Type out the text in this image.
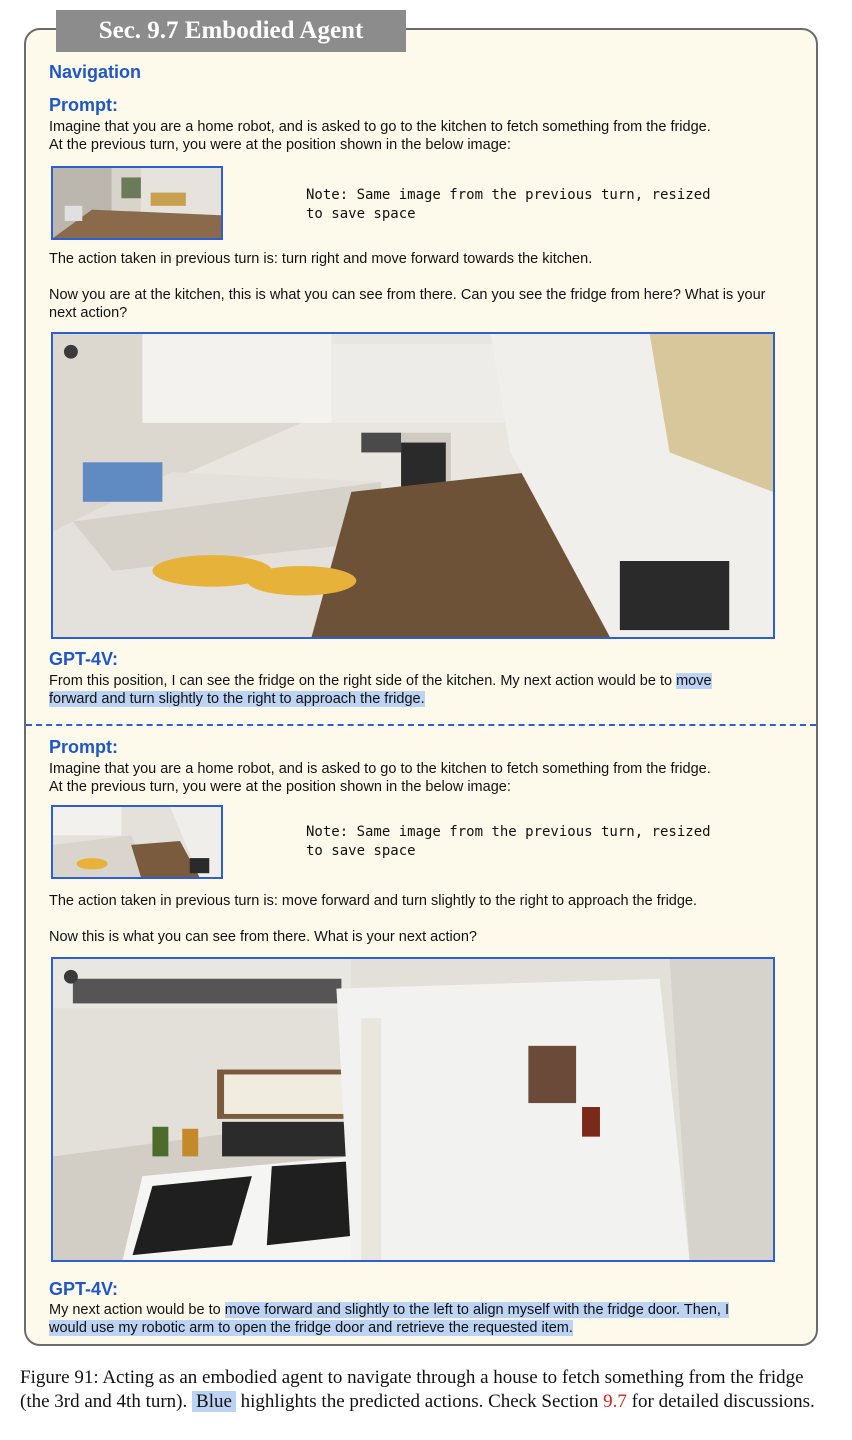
Sec. 9.7 Embodied Agent
Navigation
Prompt:
Imagine that you are a home robot, and is asked to go to the kitchen to fetch something from the fridge.
At the previous turn, you were at the position shown in the below image:
Note: Same image from the previous turn, resized
to save space
The action taken in previous turn is: turn right and move forward towards the kitchen.
Now you are at the kitchen, this is what you can see from there. Can you see the fridge from here? What is your next action?
GPT-4V:
From this position, I can see the fridge on the right side of the kitchen. My next action would be to move forward and turn slightly to the right to approach the fridge.
Prompt:
Imagine that you are a home robot, and is asked to go to the kitchen to fetch something from the fridge.
At the previous turn, you were at the position shown in the below image:
Note: Same image from the previous turn, resized
to save space
The action taken in previous turn is: move forward and turn slightly to the right to approach the fridge.
Now this is what you can see from there. What is your next action?
GPT-4V:
My next action would be to move forward and slightly to the left to align myself with the fridge door. Then, I would use my robotic arm to open the fridge door and retrieve the requested item.
Figure 91: Acting as an embodied agent to navigate through a house to fetch something from the fridge (the 3rd and 4th turn). Blue highlights the predicted actions. Check Section 9.7 for detailed discussions.
